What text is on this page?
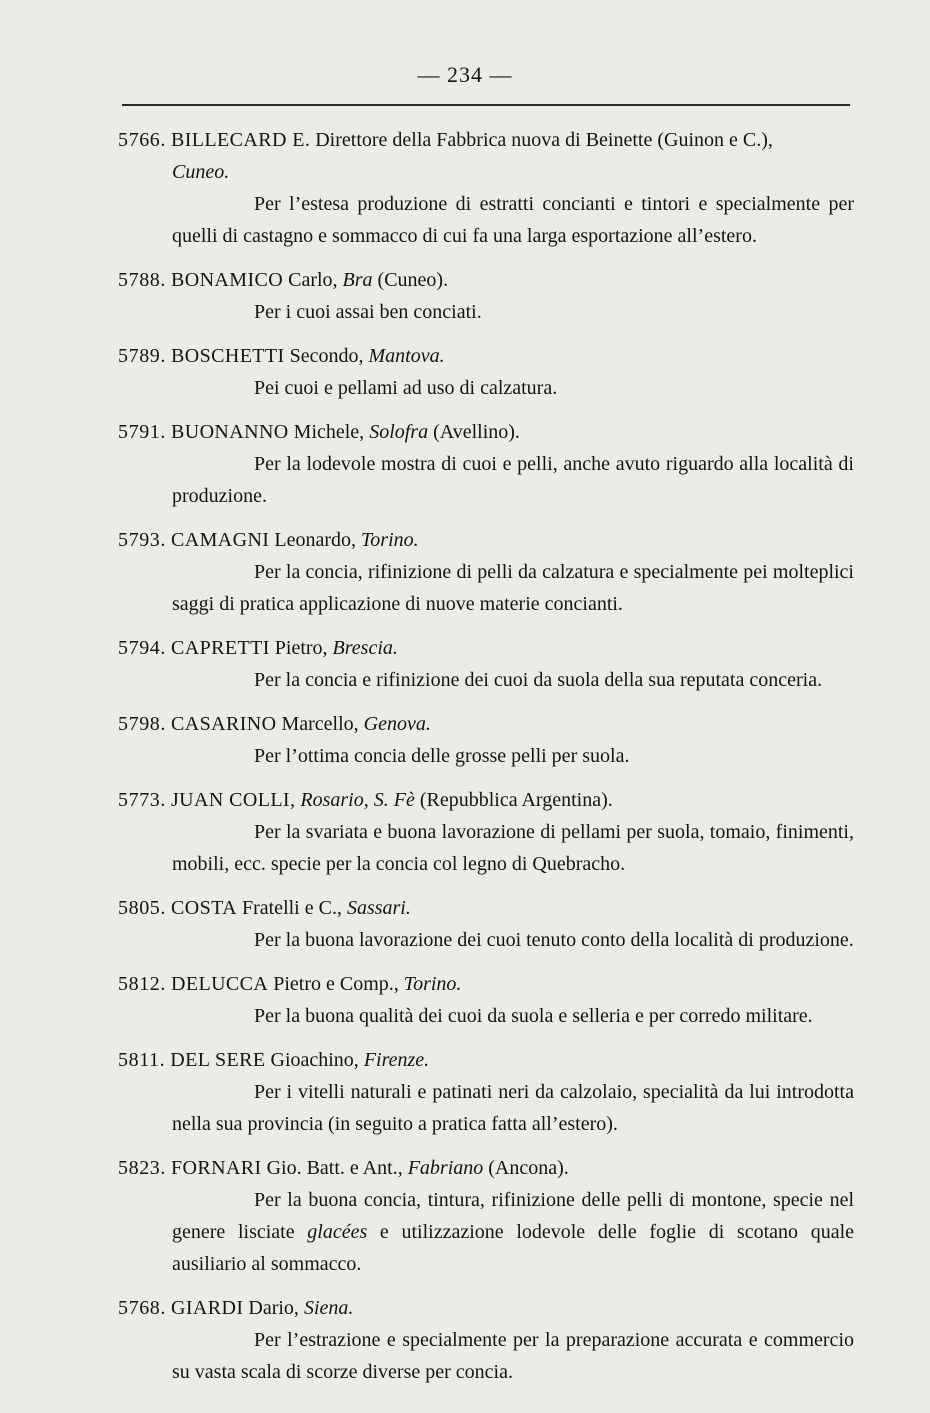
— 234 —
5766. BILLECARD E. Direttore della Fabbrica nuova di Beinette (Guinon e C.),
Cuneo.

Per l’estesa produzione di estratti concianti e tintori e specialmente per quelli di castagno e sommacco di cui fa una larga esportazione all’estero.

5788. BONAMICO Carlo, Bra (Cuneo).

Per i cuoi assai ben conciati.

5789. BOSCHETTI Secondo, Mantova.

Pei cuoi e pellami ad uso di calzatura.

5791. BUONANNO Michele, Solofra (Avellino).

Per la lodevole mostra di cuoi e pelli, anche avuto riguardo alla località di produzione.

5793. CAMAGNI Leonardo, Torino.

Per la concia, rifinizione di pelli da calzatura e specialmente pei molteplici saggi di pratica applicazione di nuove materie concianti.

5794. CAPRETTI Pietro, Brescia.

Per la concia e rifinizione dei cuoi da suola della sua reputata conceria.

5798. CASARINO Marcello, Genova.

Per l’ottima concia delle grosse pelli per suola.

5773. JUAN COLLI, Rosario, S. Fè (Repubblica Argentina).

Per la svariata e buona lavorazione di pellami per suola, tomaio, finimenti, mobili, ecc. specie per la concia col legno di Quebracho.

5805. COSTA Fratelli e C., Sassari.

Per la buona lavorazione dei cuoi tenuto conto della località di produzione.

5812. DELUCCA Pietro e Comp., Torino.

Per la buona qualità dei cuoi da suola e selleria e per corredo militare.

5811. DEL SERE Gioachino, Firenze.

Per i vitelli naturali e patinati neri da calzolaio, specialità da lui introdotta nella sua provincia (in seguito a pratica fatta all’estero).

5823. FORNARI Gio. Batt. e Ant., Fabriano (Ancona).

Per la buona concia, tintura, rifinizione delle pelli di montone, specie nel genere lisciate glacées e utilizzazione lodevole delle foglie di scotano quale ausiliario al sommacco.

5768. GIARDI Dario, Siena.

Per l’estrazione e specialmente per la preparazione accurata e commercio su vasta scala di scorze diverse per concia.
